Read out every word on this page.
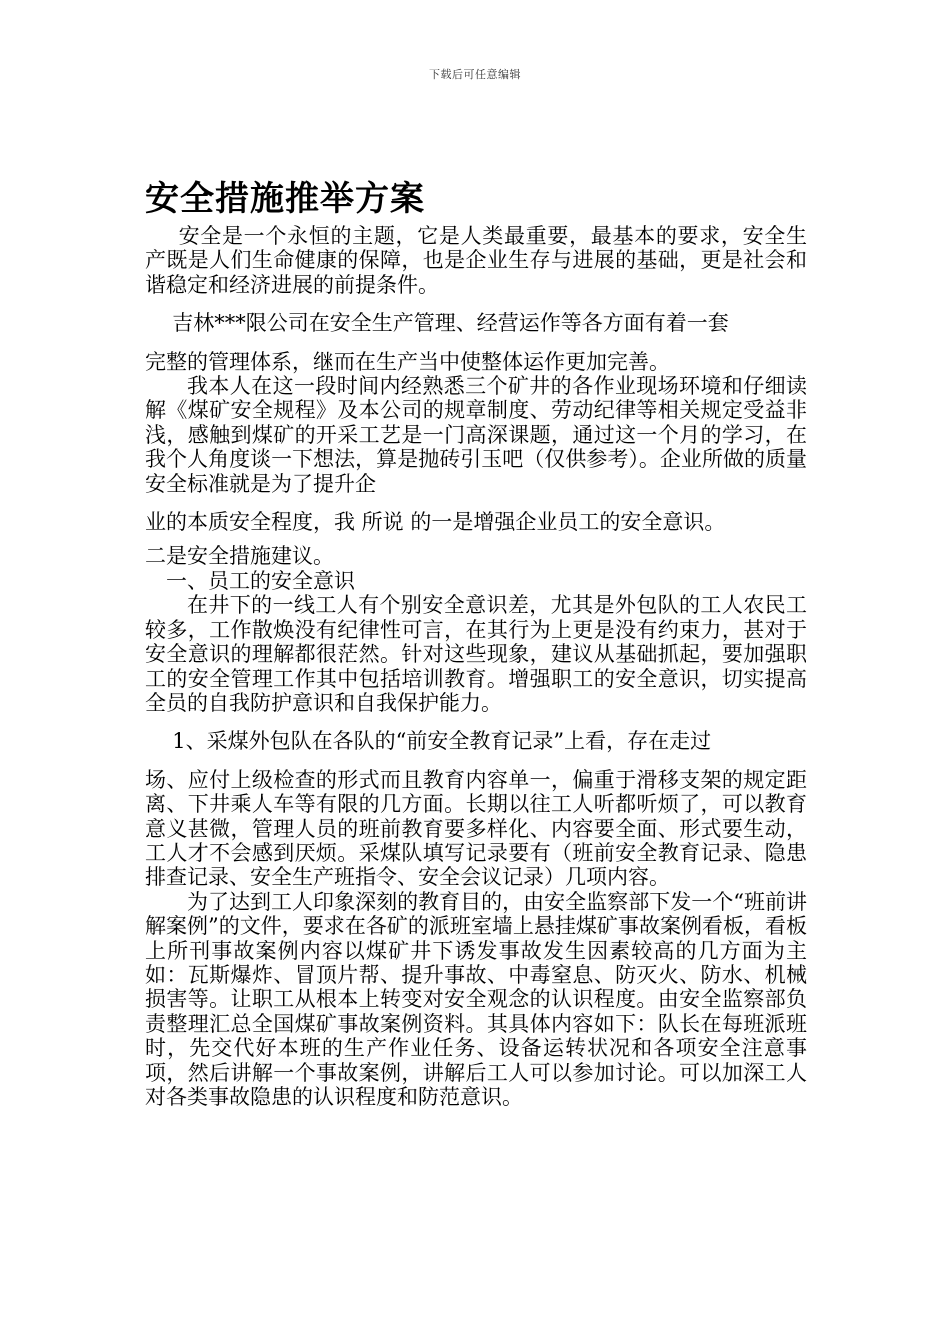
下载后可任意编辑
安全措施推举方案

安全是一个永恒的主题，它是人类最重要，最基本的要求，安全生产既是人们生命健康的保障，也是企业生存与进展的基础，更是社会和谐稳定和经济进展的前提条件。

吉林***限公司在安全生产管理、经营运作等各方面有着一套

完整的管理体系，继而在生产当中使整体运作更加完善。

我本人在这一段时间内经熟悉三个矿井的各作业现场环境和仔细读解《煤矿安全规程》及本公司的规章制度、劳动纪律等相关规定受益非浅，感触到煤矿的开采工艺是一门高深课题，通过这一个月的学习，在我个人角度谈一下想法，算是抛砖引玉吧（仅供参考）。企业所做的质量安全标准就是为了提升企

业的本质安全程度，我 所说 的一是增强企业员工的安全意识。

二是安全措施建议。

一、员工的安全意识

在井下的一线工人有个别安全意识差，尤其是外包队的工人农民工较多，工作散焕没有纪律性可言，在其行为上更是没有约束力，甚对于安全意识的理解都很茫然。针对这些现象，建议从基础抓起，要加强职工的安全管理工作其中包括培训教育。增强职工的安全意识，切实提高全员的自我防护意识和自我保护能力。

1、采煤外包队在各队的“前安全教育记录”上看，存在走过

场、应付上级检查的形式而且教育内容单一，偏重于滑移支架的规定距离、下井乘人车等有限的几方面。长期以往工人听都听烦了，可以教育意义甚微，管理人员的班前教育要多样化、内容要全面、形式要生动，工人才不会感到厌烦。采煤队填写记录要有（班前安全教育记录、隐患排查记录、安全生产班指令、安全会议记录）几项内容。

为了达到工人印象深刻的教育目的，由安全监察部下发一个“班前讲解案例”的文件，要求在各矿的派班室墙上悬挂煤矿事故案例看板，看板上所刊事故案例内容以煤矿井下诱发事故发生因素较高的几方面为主如：瓦斯爆炸、冒顶片帮、提升事故、中毒窒息、防灭火、防水、机械损害等。让职工从根本上转变对安全观念的认识程度。由安全监察部负责整理汇总全国煤矿事故案例资料。其具体内容如下：队长在每班派班时，先交代好本班的生产作业任务、设备运转状况和各项安全注意事项，然后讲解一个事故案例，讲解后工人可以参加讨论。可以加深工人对各类事故隐患的认识程度和防范意识。
